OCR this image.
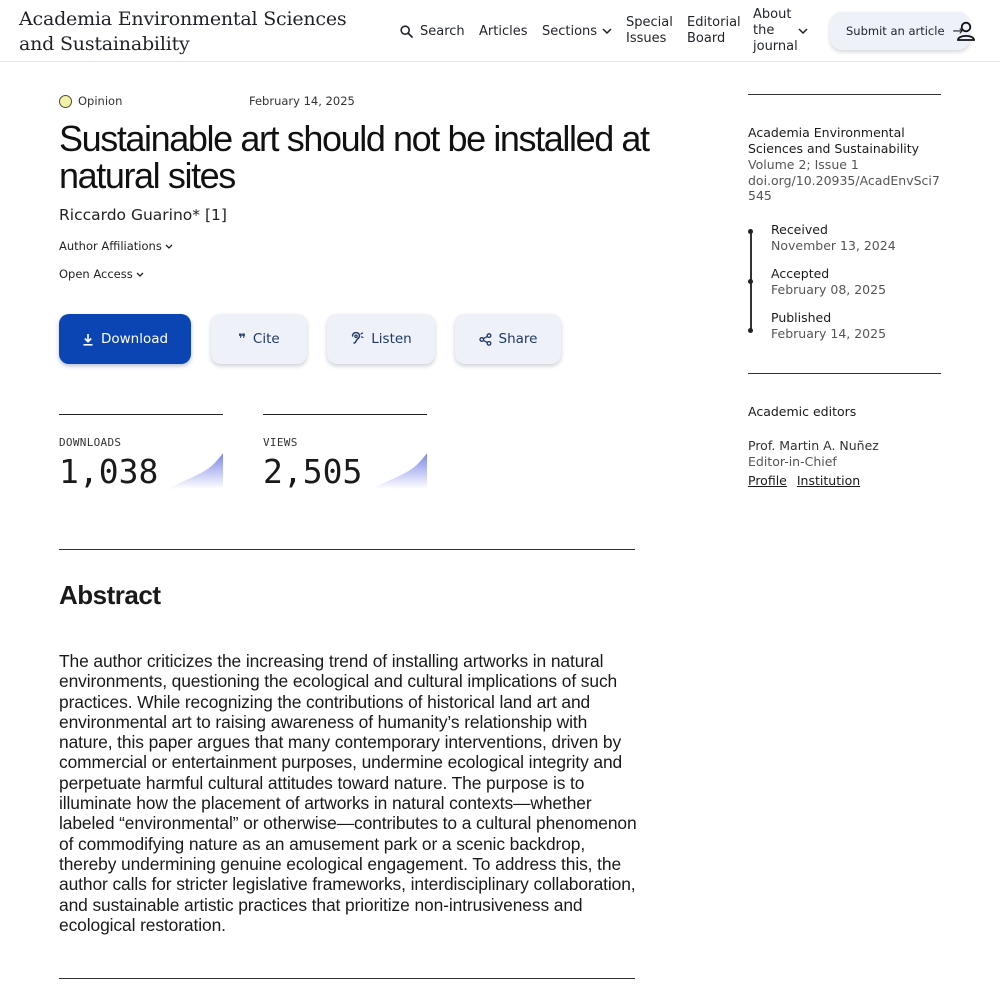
Academia Environmental Sciences and Sustainability
Search Articles Sections
Special Issues
Editorial Board
About the journal
Submit an article →
Opinion	February 14, 2025
Sustainable art should not be installed at natural sites
Riccardo Guarino* [1]
Author Affiliations
Open Access
Download	❞ Cite	Listen	Share
DOWNLOADS
1,038
VIEWS
2,505
Abstract

The author criticizes the increasing trend of installing artworks in natural environments, questioning the ecological and cultural implications of such practices. While recognizing the contributions of historical land art and environmental art to raising awareness of humanity’s relationship with nature, this paper argues that many contemporary interventions, driven by commercial or entertainment purposes, undermine ecological integrity and perpetuate harmful cultural attitudes toward nature. The purpose is to illuminate how the placement of artworks in natural contexts—whether labeled “environmental” or otherwise—contributes to a cultural phenomenon of commodifying nature as an amusement park or a scenic backdrop, thereby undermining genuine ecological engagement. To address this, the author calls for stricter legislative frameworks, interdisciplinary collaboration, and sustainable artistic practices that prioritize non-intrusiveness and ecological restoration.

Academia Environmental Sciences and Sustainability
Volume 2; Issue 1
doi.org/10.20935/AcadEnvSci7545
Received
November 13, 2024
Accepted
February 08, 2025
Published
February 14, 2025
Academic editors
Prof. Martin A. Nuñez
Editor-in-Chief
Profile Institution
